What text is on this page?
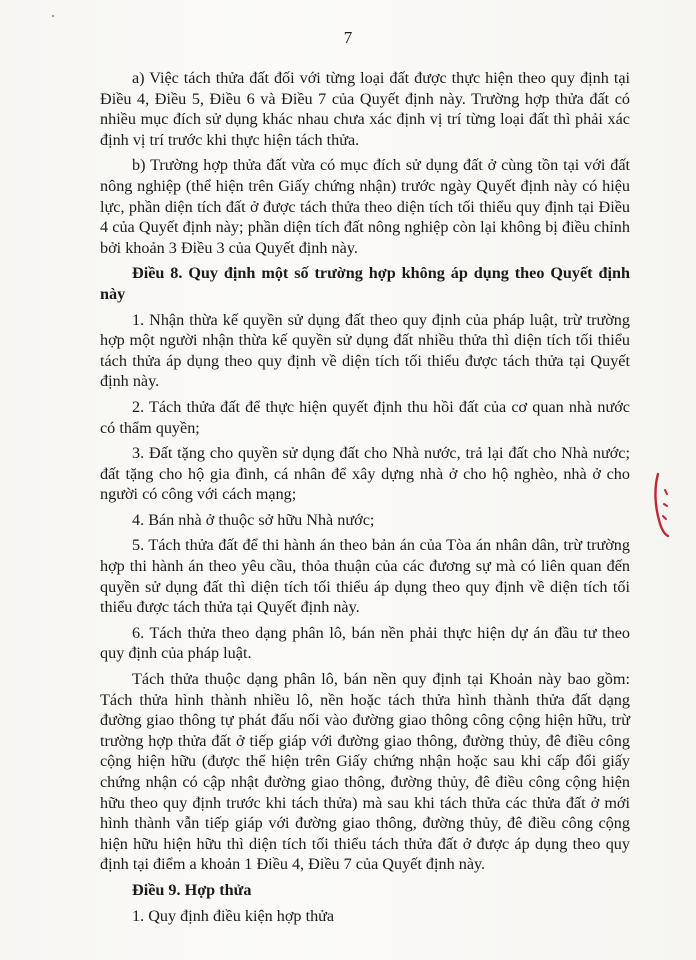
7

a) Việc tách thửa đất đối với từng loại đất được thực hiện theo quy định tại Điều 4, Điều 5, Điều 6 và Điều 7 của Quyết định này. Trường hợp thửa đất có nhiều mục đích sử dụng khác nhau chưa xác định vị trí từng loại đất thì phải xác định vị trí trước khi thực hiện tách thửa.

b) Trường hợp thửa đất vừa có mục đích sử dụng đất ở cùng tồn tại với đất nông nghiệp (thể hiện trên Giấy chứng nhận) trước ngày Quyết định này có hiệu lực, phần diện tích đất ở được tách thửa theo diện tích tối thiểu quy định tại Điều 4 của Quyết định này; phần diện tích đất nông nghiệp còn lại không bị điều chỉnh bởi khoản 3 Điều 3 của Quyết định này.

Điều 8. Quy định một số trường hợp không áp dụng theo Quyết định này

1. Nhận thừa kế quyền sử dụng đất theo quy định của pháp luật, trừ trường hợp một người nhận thừa kế quyền sử dụng đất nhiều thửa thì diện tích tối thiểu tách thửa áp dụng theo quy định về diện tích tối thiểu được tách thửa tại Quyết định này.

2. Tách thửa đất để thực hiện quyết định thu hồi đất của cơ quan nhà nước có thẩm quyền;

3. Đất tặng cho quyền sử dụng đất cho Nhà nước, trả lại đất cho Nhà nước; đất tặng cho hộ gia đình, cá nhân để xây dựng nhà ở cho hộ nghèo, nhà ở cho người có công với cách mạng;

4. Bán nhà ở thuộc sở hữu Nhà nước;

5. Tách thửa đất để thi hành án theo bản án của Tòa án nhân dân, trừ trường hợp thi hành án theo yêu cầu, thỏa thuận của các đương sự mà có liên quan đến quyền sử dụng đất thì diện tích tối thiểu áp dụng theo quy định về diện tích tối thiểu được tách thửa tại Quyết định này.

6. Tách thửa theo dạng phân lô, bán nền phải thực hiện dự án đầu tư theo quy định của pháp luật.

Tách thửa thuộc dạng phân lô, bán nền quy định tại Khoản này bao gồm: Tách thửa hình thành nhiều lô, nền hoặc tách thửa hình thành thửa đất dạng đường giao thông tự phát đấu nối vào đường giao thông công cộng hiện hữu, trừ trường hợp thửa đất ở tiếp giáp với đường giao thông, đường thủy, đê điều công cộng hiện hữu (được thể hiện trên Giấy chứng nhận hoặc sau khi cấp đổi giấy chứng nhận có cập nhật đường giao thông, đường thủy, đê điều công cộng hiện hữu theo quy định trước khi tách thửa) mà sau khi tách thửa các thửa đất ở mới hình thành vẫn tiếp giáp với đường giao thông, đường thủy, đê điều công cộng hiện hữu hiện hữu thì diện tích tối thiểu tách thửa đất ở được áp dụng theo quy định tại điểm a khoản 1 Điều 4, Điều 7 của Quyết định này.

Điều 9. Hợp thửa

1. Quy định điều kiện hợp thửa
